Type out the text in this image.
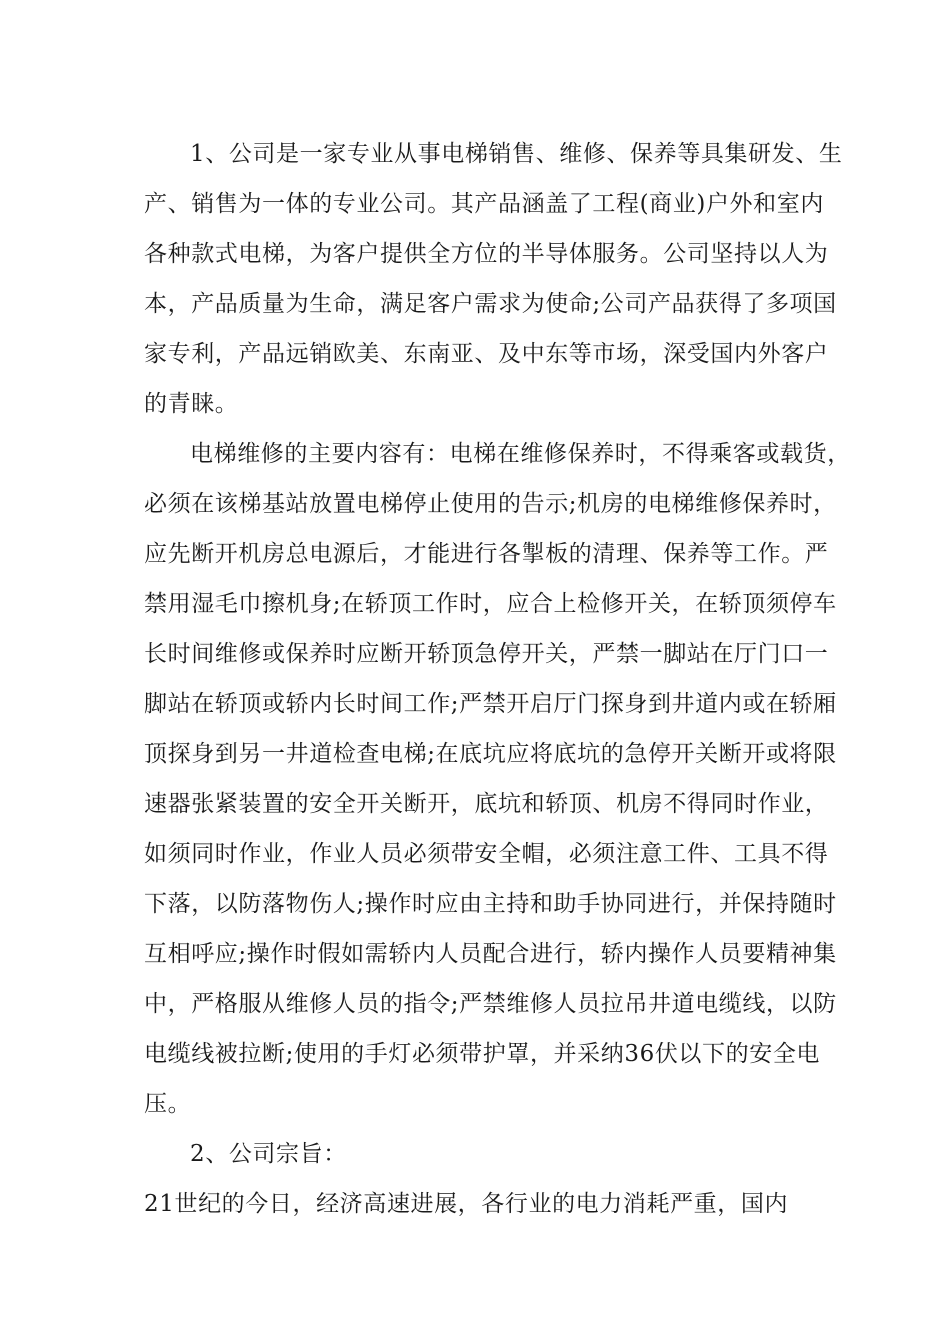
1、公司是一家专业从事电梯销售、维修、保养等具集研发、生

产、销售为一体的专业公司。其产品涵盖了工程(商业)户外和室内

各种款式电梯，为客户提供全方位的半导体服务。公司坚持以人为

本，产品质量为生命，满足客户需求为使命;公司产品获得了多项国

家专利，产品远销欧美、东南亚、及中东等市场，深受国内外客户

的青睐。

电梯维修的主要内容有：电梯在维修保养时，不得乘客或载货，

必须在该梯基站放置电梯停止使用的告示;机房的电梯维修保养时，

应先断开机房总电源后，才能进行各掣板的清理、保养等工作。严

禁用湿毛巾擦机身;在轿顶工作时，应合上检修开关，在轿顶须停车

长时间维修或保养时应断开轿顶急停开关，严禁一脚站在厅门口一

脚站在轿顶或轿内长时间工作;严禁开启厅门探身到井道内或在轿厢

顶探身到另一井道检查电梯;在底坑应将底坑的急停开关断开或将限

速器张紧装置的安全开关断开，底坑和轿顶、机房不得同时作业，

如须同时作业，作业人员必须带安全帽，必须注意工件、工具不得

下落，以防落物伤人;操作时应由主持和助手协同进行，并保持随时

互相呼应;操作时假如需轿内人员配合进行，轿内操作人员要精神集

中，严格服从维修人员的指令;严禁维修人员拉吊井道电缆线，以防

电缆线被拉断;使用的手灯必须带护罩，并采纳36伏以下的安全电

压。

2、公司宗旨：

21世纪的今日，经济高速进展，各行业的电力消耗严重，国内
